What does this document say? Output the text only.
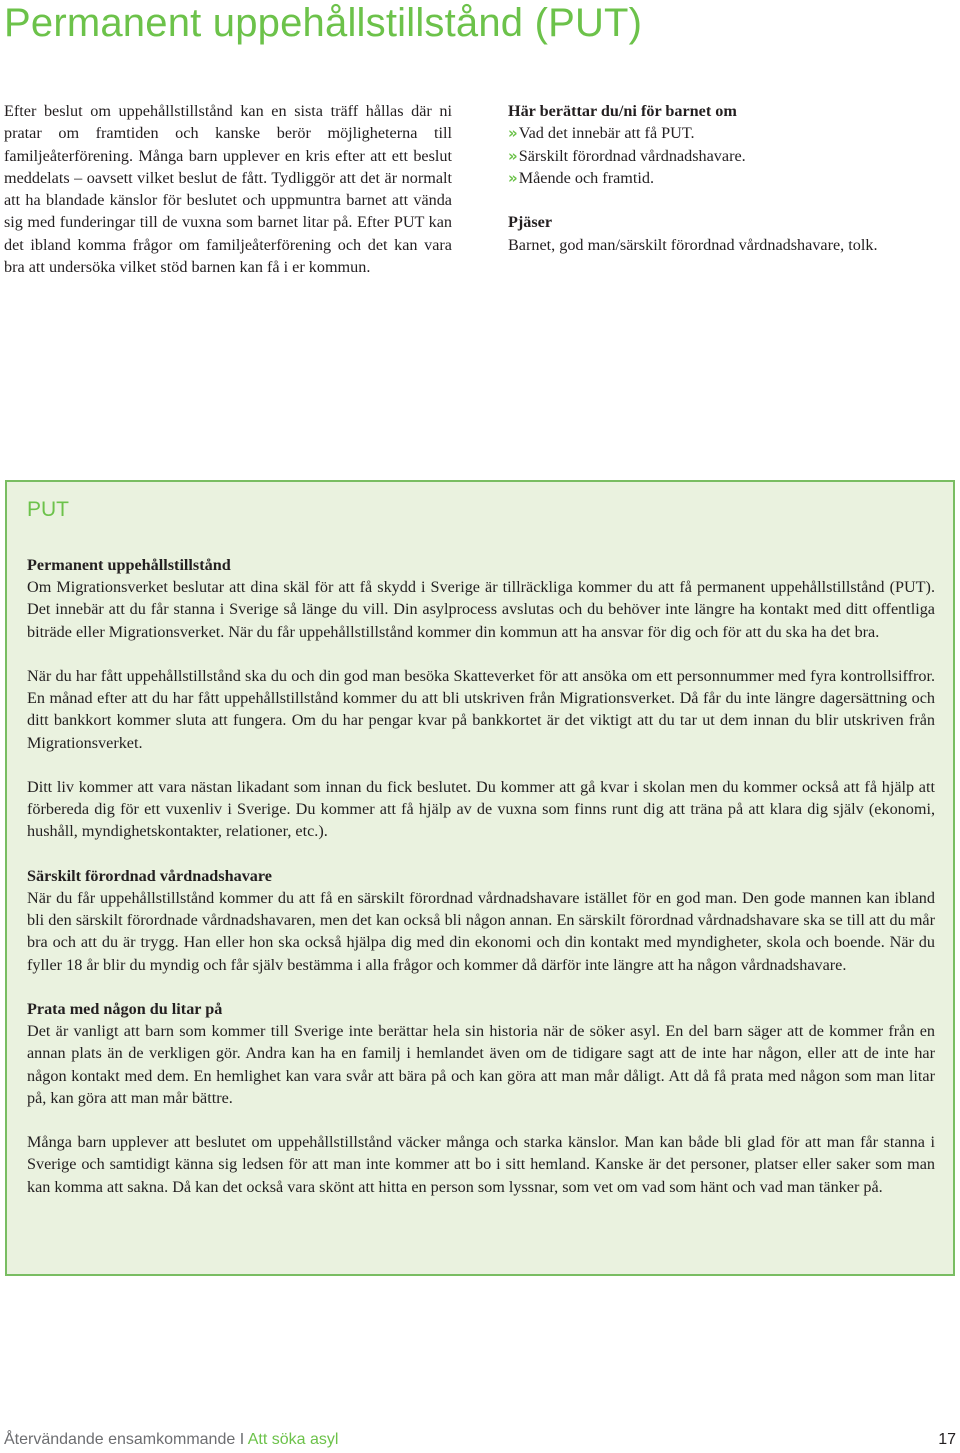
Permanent uppehållstillstånd (PUT)

Efter beslut om uppehållstillstånd kan en sista träff hållas där ni pratar om framtiden och kanske berör möjligheterna till familjeåterförening. Många barn upplever en kris efter att ett beslut meddelats – oavsett vilket beslut de fått. Tydliggör att det är normalt att ha blandade känslor för beslutet och uppmuntra barnet att vända sig med funderingar till de vuxna som barnet litar på. Efter PUT kan det ibland komma frågor om familjeåterförening och det kan vara bra att undersöka vilket stöd barnen kan få i er kommun.

Här berättar du/ni för barnet om
»Vad det innebär att få PUT.
»Särskilt förordnad vårdnadshavare.
»Mående och framtid.
Pjäser

Barnet, god man/särskilt förordnad vårdnadshavare, tolk.

PUT
Permanent uppehållstillstånd

Om Migrationsverket beslutar att dina skäl för att få skydd i Sverige är tillräckliga kommer du att få permanent uppehållstillstånd (PUT). Det innebär att du får stanna i Sverige så länge du vill. Din asylprocess avslutas och du behöver inte längre ha kontakt med ditt offentliga biträde eller Migrationsverket. När du får uppehållstillstånd kommer din kommun att ha ansvar för dig och för att du ska ha det bra.

När du har fått uppehållstillstånd ska du och din god man besöka Skatteverket för att ansöka om ett personnummer med fyra kontrollsiffror. En månad efter att du har fått uppehållstillstånd kommer du att bli utskriven från Migrationsverket. Då får du inte längre dagersättning och ditt bankkort kommer sluta att fungera. Om du har pengar kvar på bankkortet är det viktigt att du tar ut dem innan du blir utskriven från Migrationsverket.

Ditt liv kommer att vara nästan likadant som innan du fick beslutet. Du kommer att gå kvar i skolan men du kommer också att få hjälp att förbereda dig för ett vuxenliv i Sverige. Du kommer att få hjälp av de vuxna som finns runt dig att träna på att klara dig själv (ekonomi, hushåll, myndighetskontakter, relationer, etc.).

Särskilt förordnad vårdnadshavare

När du får uppehållstillstånd kommer du att få en särskilt förordnad vårdnadshavare istället för en god man. Den gode mannen kan ibland bli den särskilt förordnade vårdnadshavaren, men det kan också bli någon annan. En särskilt förordnad vårdnadshavare ska se till att du mår bra och att du är trygg. Han eller hon ska också hjälpa dig med din ekonomi och din kontakt med myndigheter, skola och boende. När du fyller 18 år blir du myndig och får själv bestämma i alla frågor och kommer då därför inte längre att ha någon vårdnadshavare.

Prata med någon du litar på

Det är vanligt att barn som kommer till Sverige inte berättar hela sin historia när de söker asyl. En del barn säger att de kommer från en annan plats än de verkligen gör. Andra kan ha en familj i hemlandet även om de tidigare sagt att de inte har någon, eller att de inte har någon kontakt med dem. En hemlighet kan vara svår att bära på och kan göra att man mår dåligt. Att då få prata med någon som man litar på, kan göra att man mår bättre.

Många barn upplever att beslutet om uppehållstillstånd väcker många och starka känslor. Man kan både bli glad för att man får stanna i Sverige och samtidigt känna sig ledsen för att man inte kommer att bo i sitt hemland. Kanske är det personer, platser eller saker som man kan komma att sakna. Då kan det också vara skönt att hitta en person som lyssnar, som vet om vad som hänt och vad man tänker på.

Återvändande ensamkommande I Att söka asyl	17
